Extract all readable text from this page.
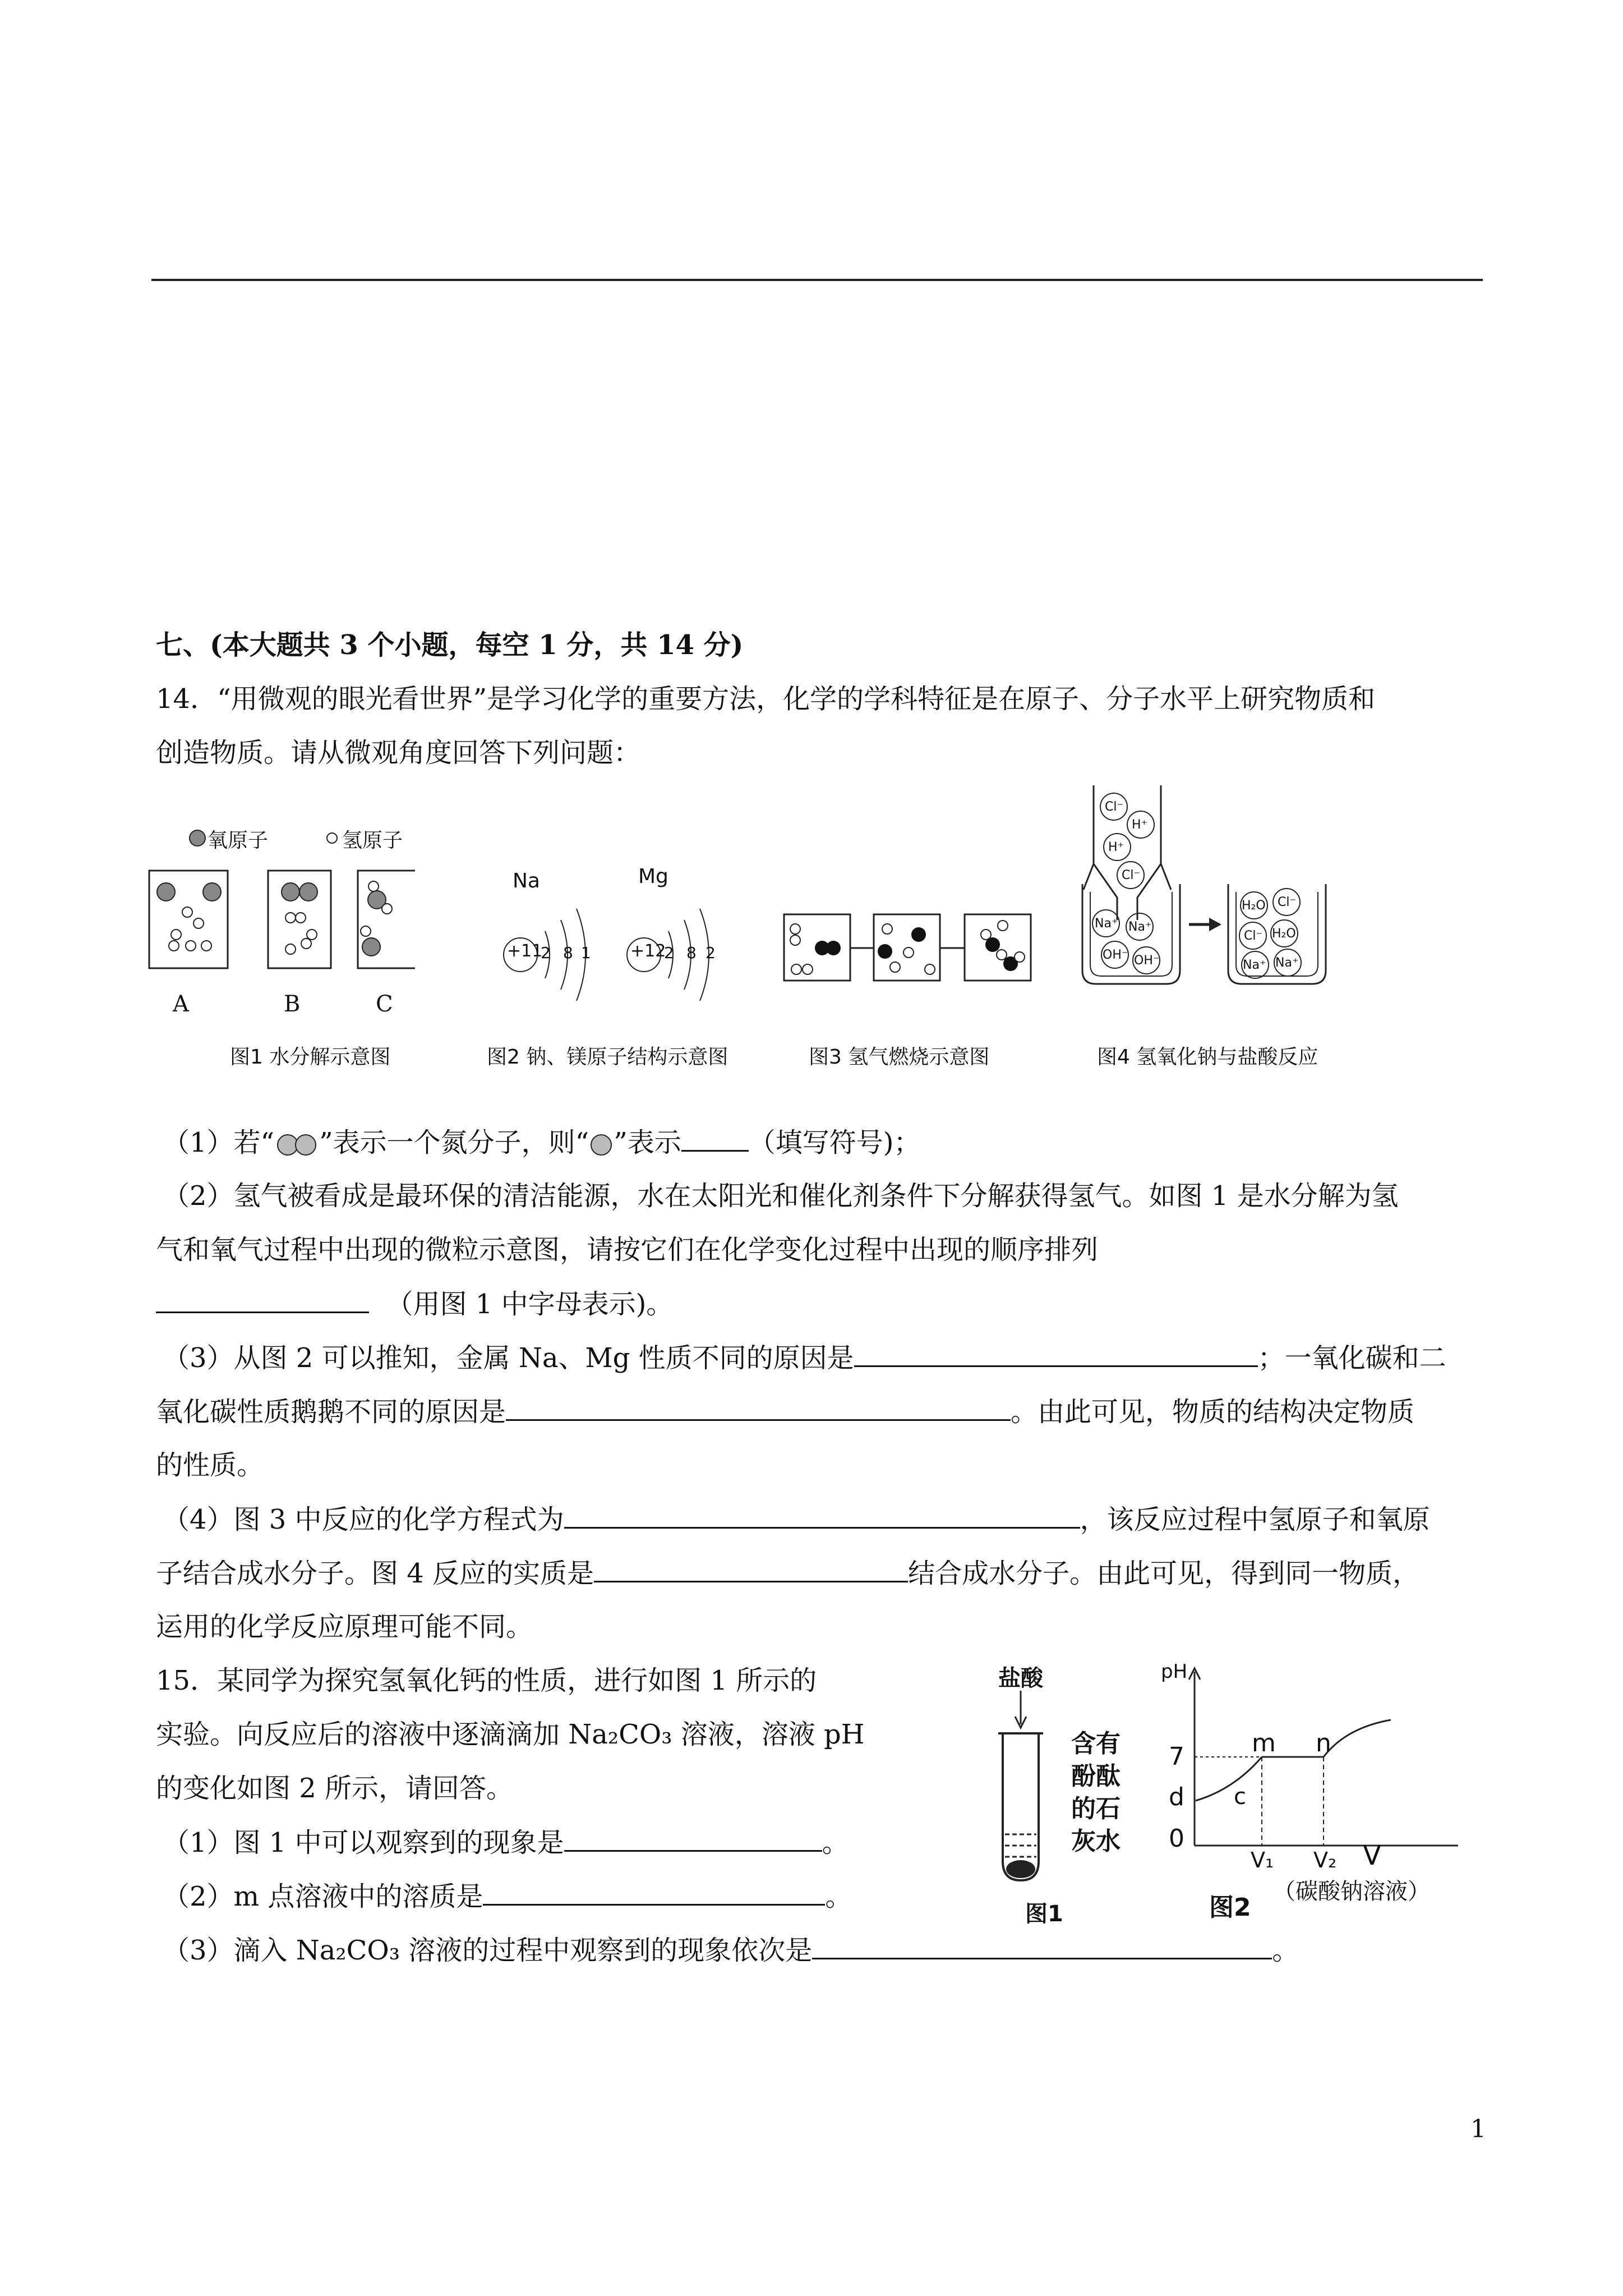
七、(本大题共 3 个小题，每空 1 分，共 14 分)
14．“用微观的眼光看世界”是学习化学的重要方法，化学的学科特征是在原子、分子水平上研究物质和
创造物质。请从微观角度回答下列问题：
氧原子	氢原子
A	B	C
图1 水分解示意图
Na	Mg
+11
2 8 1 +12
2 8 2
图2 钠、镁原子结构示意图	图3 氢气燃烧示意图
Cl⁻
H⁺
H⁺
Cl⁻
Na⁺ Na⁺
OH⁻ OH⁻
H₂O Cl⁻
Cl⁻ H₂O
Na⁺ Na⁺
图4 氢氧化钠与盐酸反应
（1）若“ ”表示一个氮分子，则“ ”表示	（填写符号)；
（2）氢气被看成是最环保的清洁能源，水在太阳光和催化剂条件下分解获得氢气。如图 1 是水分解为氢
气和氧气过程中出现的微粒示意图，请按它们在化学变化过程中出现的顺序排列
（用图 1 中字母表示)。
（3）从图 2 可以推知，金属 Na、Mg 性质不同的原因是	；一氧化碳和二
氧化碳性质鹅鹅不同的原因是	。由此可见，物质的结构决定物质
的性质。
（4）图 3 中反应的化学方程式为	，该反应过程中氢原子和氧原
子结合成水分子。图 4 反应的实质是	结合成水分子。由此可见，得到同一物质，
运用的化学反应原理可能不同。
15．某同学为探究氢氧化钙的性质，进行如图 1 所示的
实验。向反应后的溶液中逐滴滴加 Na₂CO₃ 溶液，溶液 pH
的变化如图 2 所示，请回答。
（1）图 1 中可以观察到的现象是	。
（2）m 点溶液中的溶质是	。
（3）滴入 Na₂CO₃ 溶液的过程中观察到的现象依次是	。
盐酸
含有
酚酞
的石
灰水
图1
pH
7
d
0
c
m n
V₁ V₂ V
图2
（碳酸钠溶液）
1
